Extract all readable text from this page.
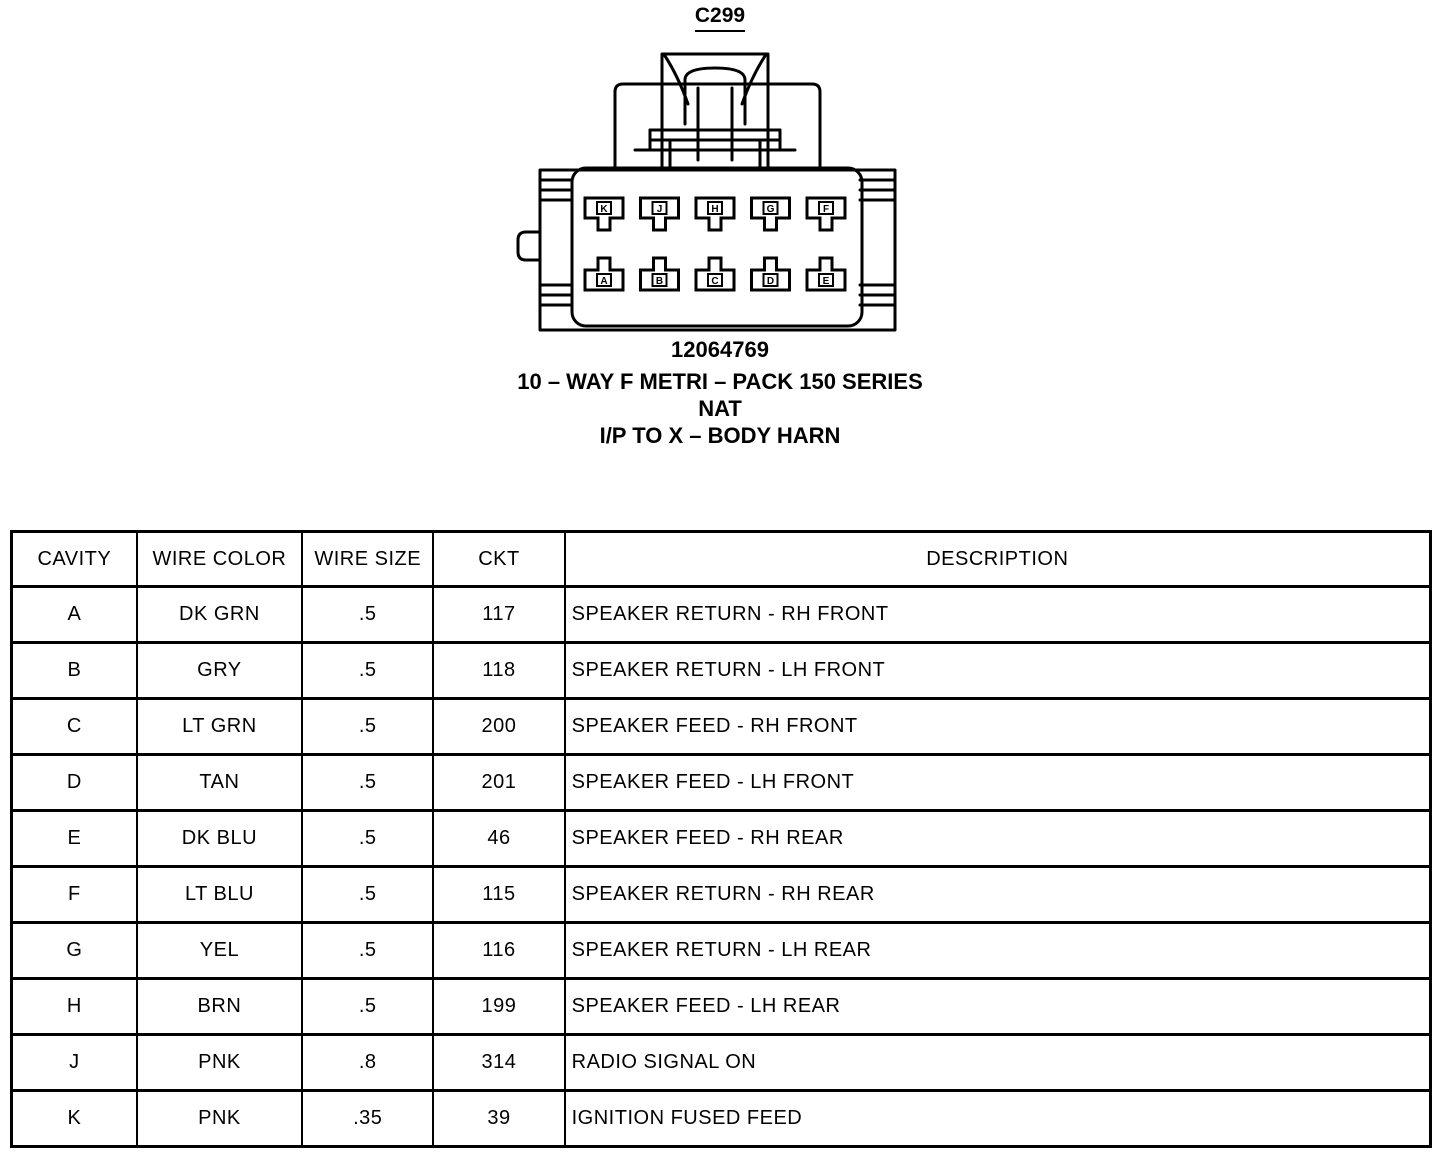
C299
K	J	H	G	F
A	B	C	D	E
12064769
10 – WAY F METRI – PACK 150 SERIES
NAT
I/P TO X – BODY HARN
CAVITY	WIRE COLOR	WIRE SIZE	CKT	DESCRIPTION
A	DK GRN	.5	117	SPEAKER RETURN - RH FRONT
B	GRY	.5	118	SPEAKER RETURN - LH FRONT
C	LT GRN	.5	200	SPEAKER FEED - RH FRONT
D	TAN	.5	201	SPEAKER FEED - LH FRONT
E	DK BLU	.5	46	SPEAKER FEED - RH REAR
F	LT BLU	.5	115	SPEAKER RETURN - RH REAR
G	YEL	.5	116	SPEAKER RETURN - LH REAR
H	BRN	.5	199	SPEAKER FEED - LH REAR
J	PNK	.8	314	RADIO SIGNAL ON
K	PNK	.35	39	IGNITION FUSED FEED
